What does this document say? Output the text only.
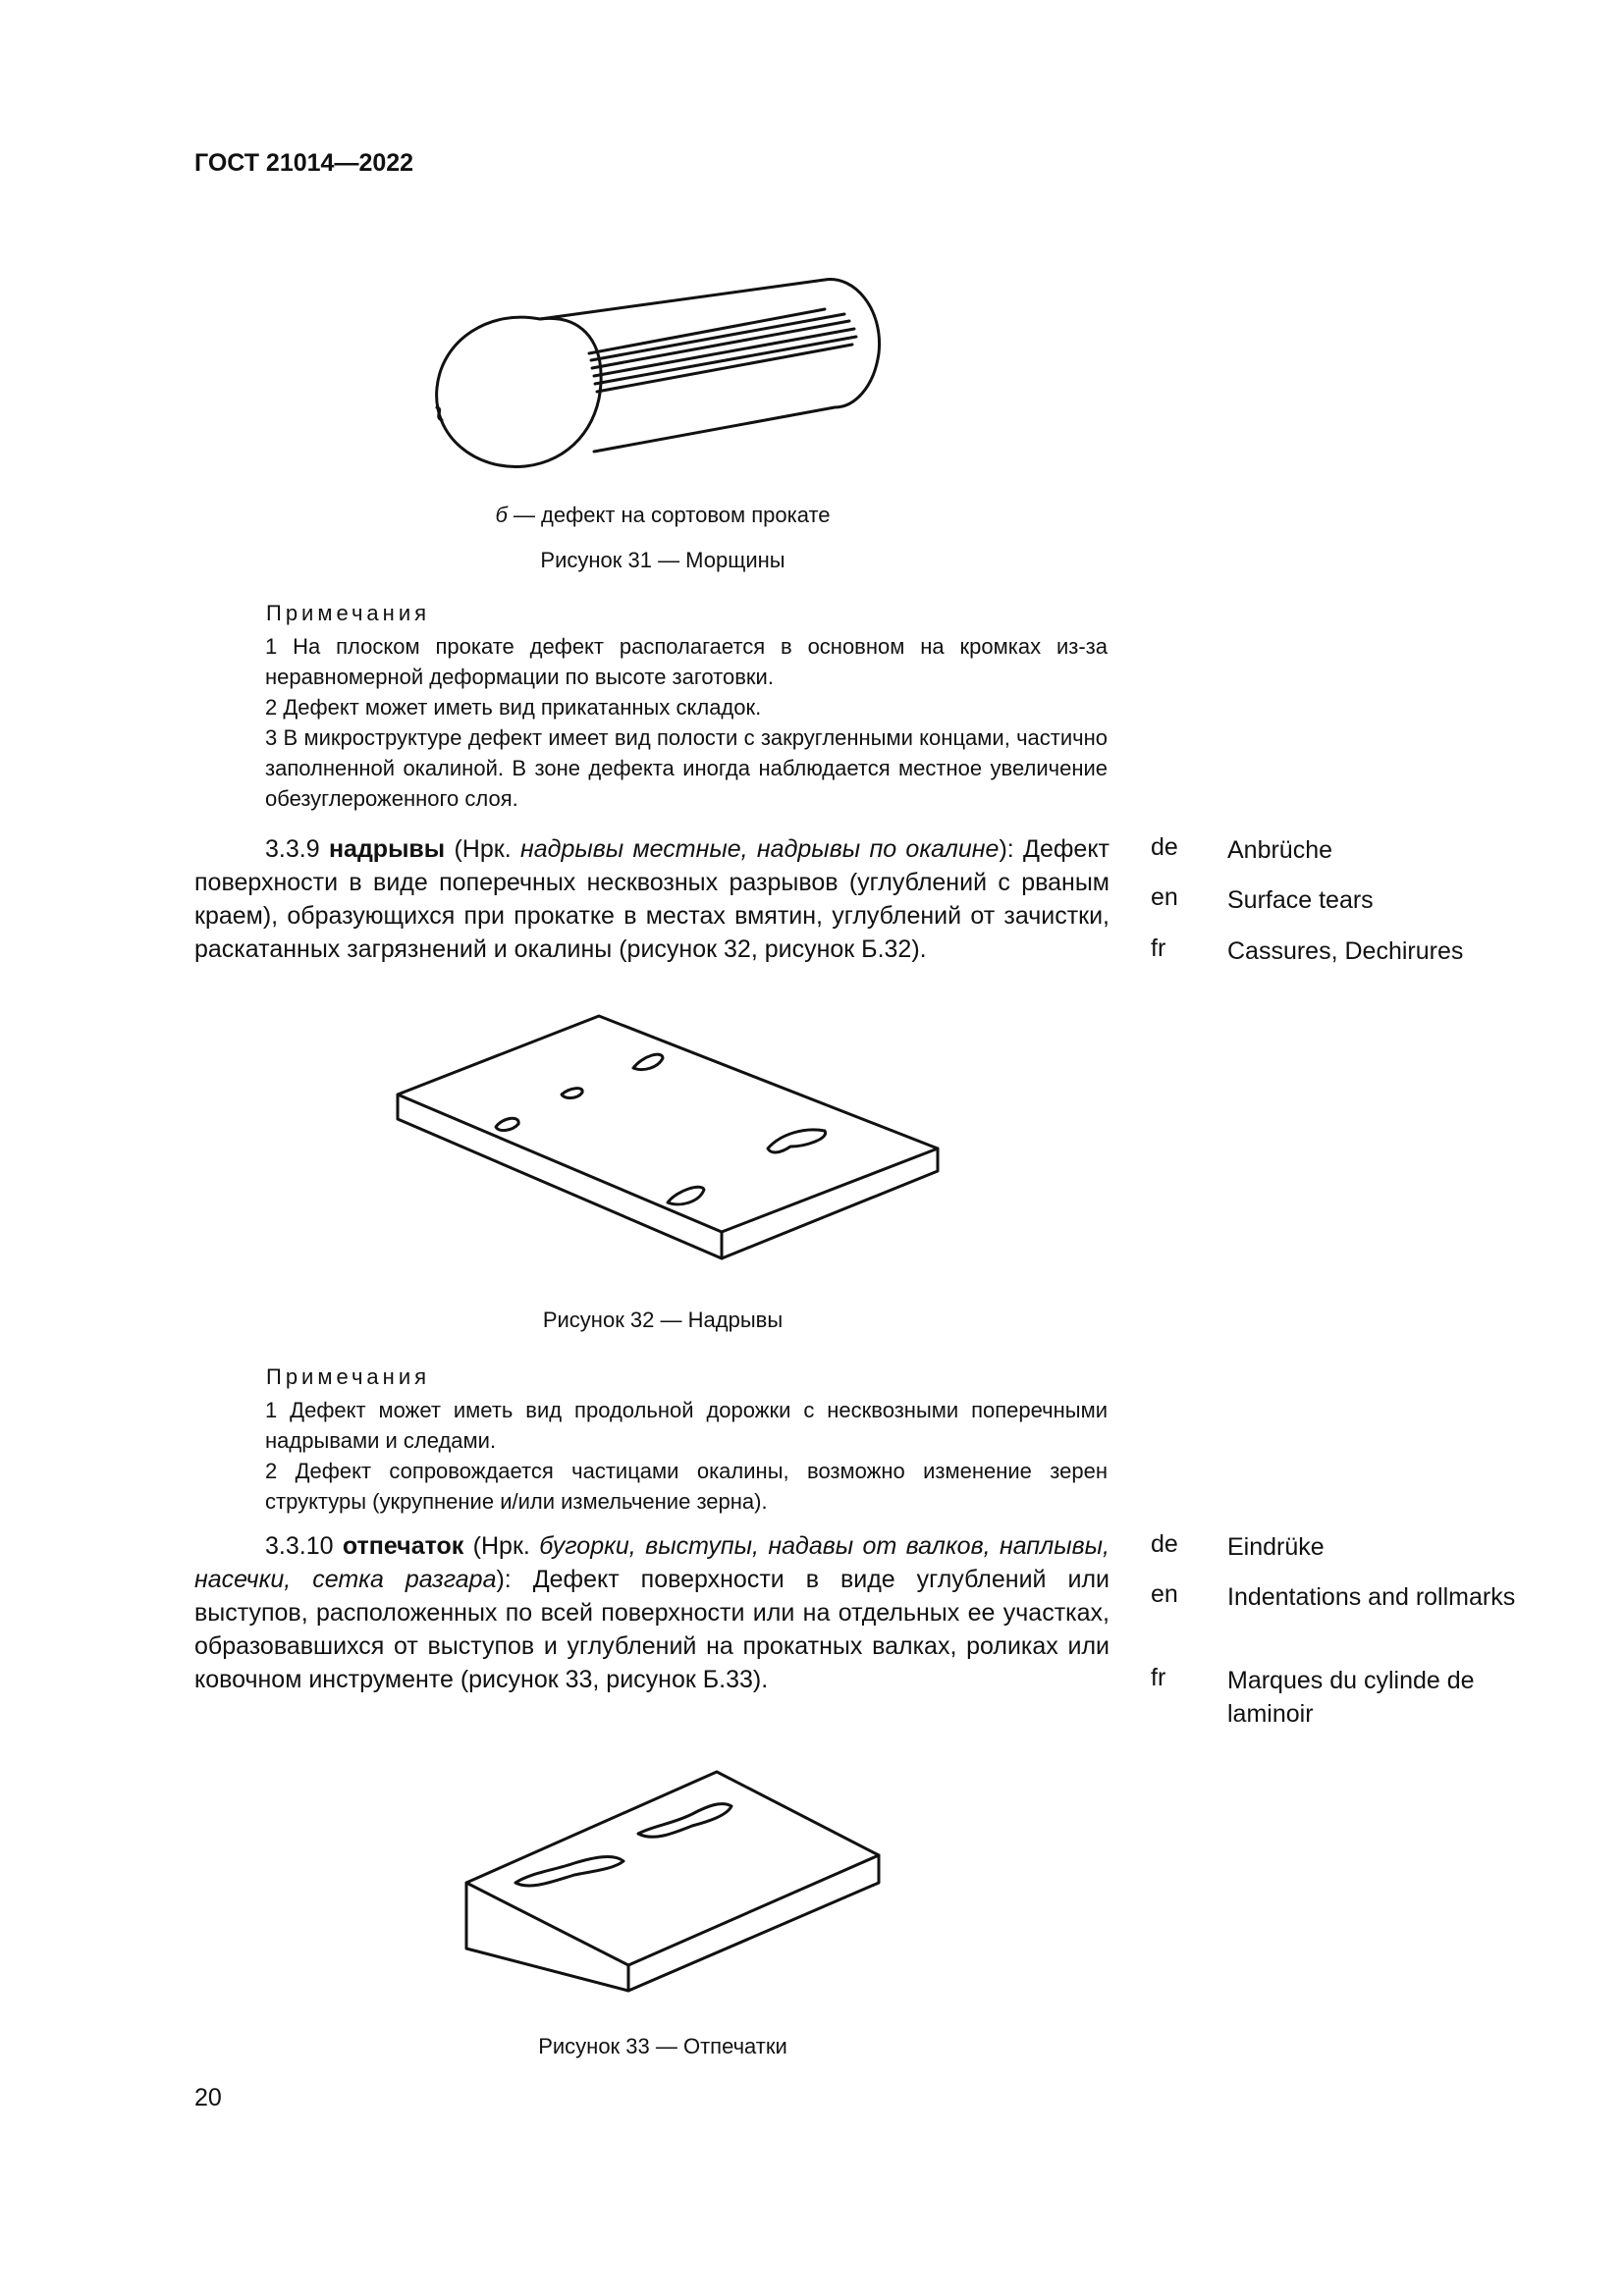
ГОСТ 21014—2022
б — дефект на сортовом прокате
Рисунок 31 — Морщины
Примечания
1 На плоском прокате дефект располагается в основном на кромках из-за неравномерной деформации по высоте заготовки.
2 Дефект может иметь вид прикатанных складок.
3 В микроструктуре дефект имеет вид полости с закругленными концами, частично заполненной окалиной. В зоне дефекта иногда наблюдается местное увеличение обезуглероженного слоя.
3.3.9 надрывы (Нрк. надрывы местные, надрывы по окалине): Дефект поверхности в виде поперечных несквозных разрывов (углублений с рваным краем), образующихся при прокатке в местах вмятин, углублений от зачистки, раскатанных загрязнений и окалины (рисунок 32, рисунок Б.32).
de Anbrüche
en Surface tears
fr	Cassures, Dechirures
Рисунок 32 — Надрывы
Примечания
1 Дефект может иметь вид продольной дорожки с несквозными поперечными надрывами и следами.
2 Дефект сопровождается частицами окалины, возможно изменение зерен структуры (укрупнение и/или измельчение зерна).
3.3.10 отпечаток (Нрк. бугорки, выступы, надавы от валков, наплывы, насечки, сетка разгара): Дефект поверхности в виде углублений или выступов, расположенных по всей поверхности или на отдельных ее участках, образовавшихся от выступов и углублений на прокатных валках, роликах или ковочном инструменте (рисунок 33, рисунок Б.33).
de Eindrüke
en Indentations and rollmarks
fr	Marques du cylinde de laminoir
Рисунок 33 — Отпечатки
20
